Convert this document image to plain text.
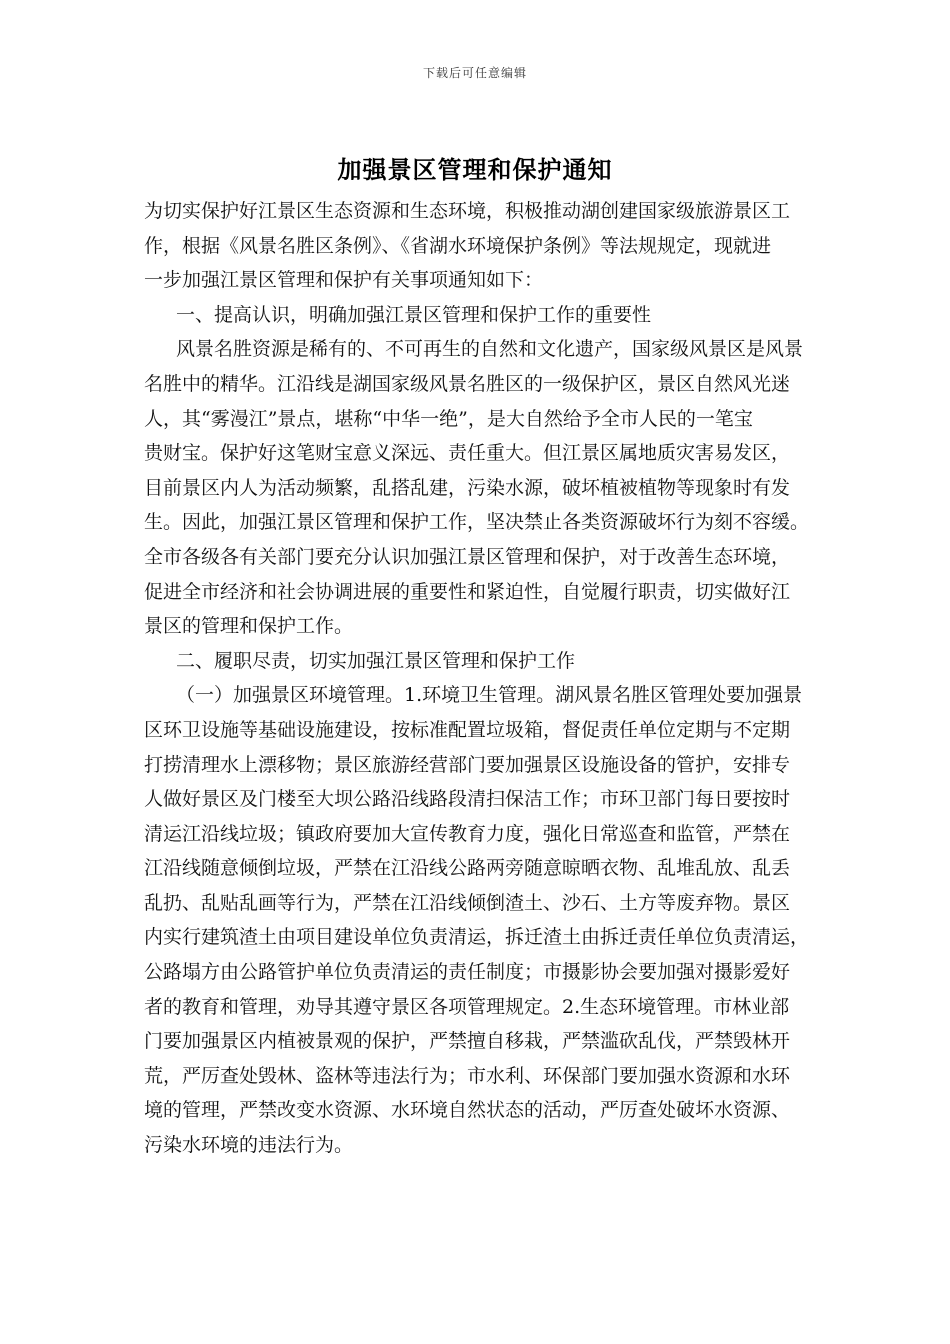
下载后可任意编辑
加强景区管理和保护通知
为切实保护好江景区生态资源和生态环境，积极推动湖创建国家级旅游景区工
作，根据《风景名胜区条例》、《省湖水环境保护条例》等法规规定，现就进
一步加强江景区管理和保护有关事项通知如下：
一、提高认识，明确加强江景区管理和保护工作的重要性
风景名胜资源是稀有的、不可再生的自然和文化遗产，国家级风景区是风景
名胜中的精华。江沿线是湖国家级风景名胜区的一级保护区，景区自然风光迷
人，其“雾漫江”景点，堪称“中华一绝”，是大自然给予全市人民的一笔宝
贵财宝。保护好这笔财宝意义深远、责任重大。但江景区属地质灾害易发区，
目前景区内人为活动频繁，乱搭乱建，污染水源，破坏植被植物等现象时有发
生。因此，加强江景区管理和保护工作，坚决禁止各类资源破坏行为刻不容缓。
全市各级各有关部门要充分认识加强江景区管理和保护，对于改善生态环境，
促进全市经济和社会协调进展的重要性和紧迫性，自觉履行职责，切实做好江
景区的管理和保护工作。
二、履职尽责，切实加强江景区管理和保护工作
（一）加强景区环境管理。1.环境卫生管理。湖风景名胜区管理处要加强景
区环卫设施等基础设施建设，按标准配置垃圾箱，督促责任单位定期与不定期
打捞清理水上漂移物；景区旅游经营部门要加强景区设施设备的管护，安排专
人做好景区及门楼至大坝公路沿线路段清扫保洁工作；市环卫部门每日要按时
清运江沿线垃圾；镇政府要加大宣传教育力度，强化日常巡查和监管，严禁在
江沿线随意倾倒垃圾，严禁在江沿线公路两旁随意晾晒衣物、乱堆乱放、乱丢
乱扔、乱贴乱画等行为，严禁在江沿线倾倒渣土、沙石、土方等废弃物。景区
内实行建筑渣土由项目建设单位负责清运，拆迁渣土由拆迁责任单位负责清运，
公路塌方由公路管护单位负责清运的责任制度；市摄影协会要加强对摄影爱好
者的教育和管理，劝导其遵守景区各项管理规定。2.生态环境管理。市林业部
门要加强景区内植被景观的保护，严禁擅自移栽，严禁滥砍乱伐，严禁毁林开
荒，严厉查处毁林、盗林等违法行为；市水利、环保部门要加强水资源和水环
境的管理，严禁改变水资源、水环境自然状态的活动，严厉查处破坏水资源、
污染水环境的违法行为。
